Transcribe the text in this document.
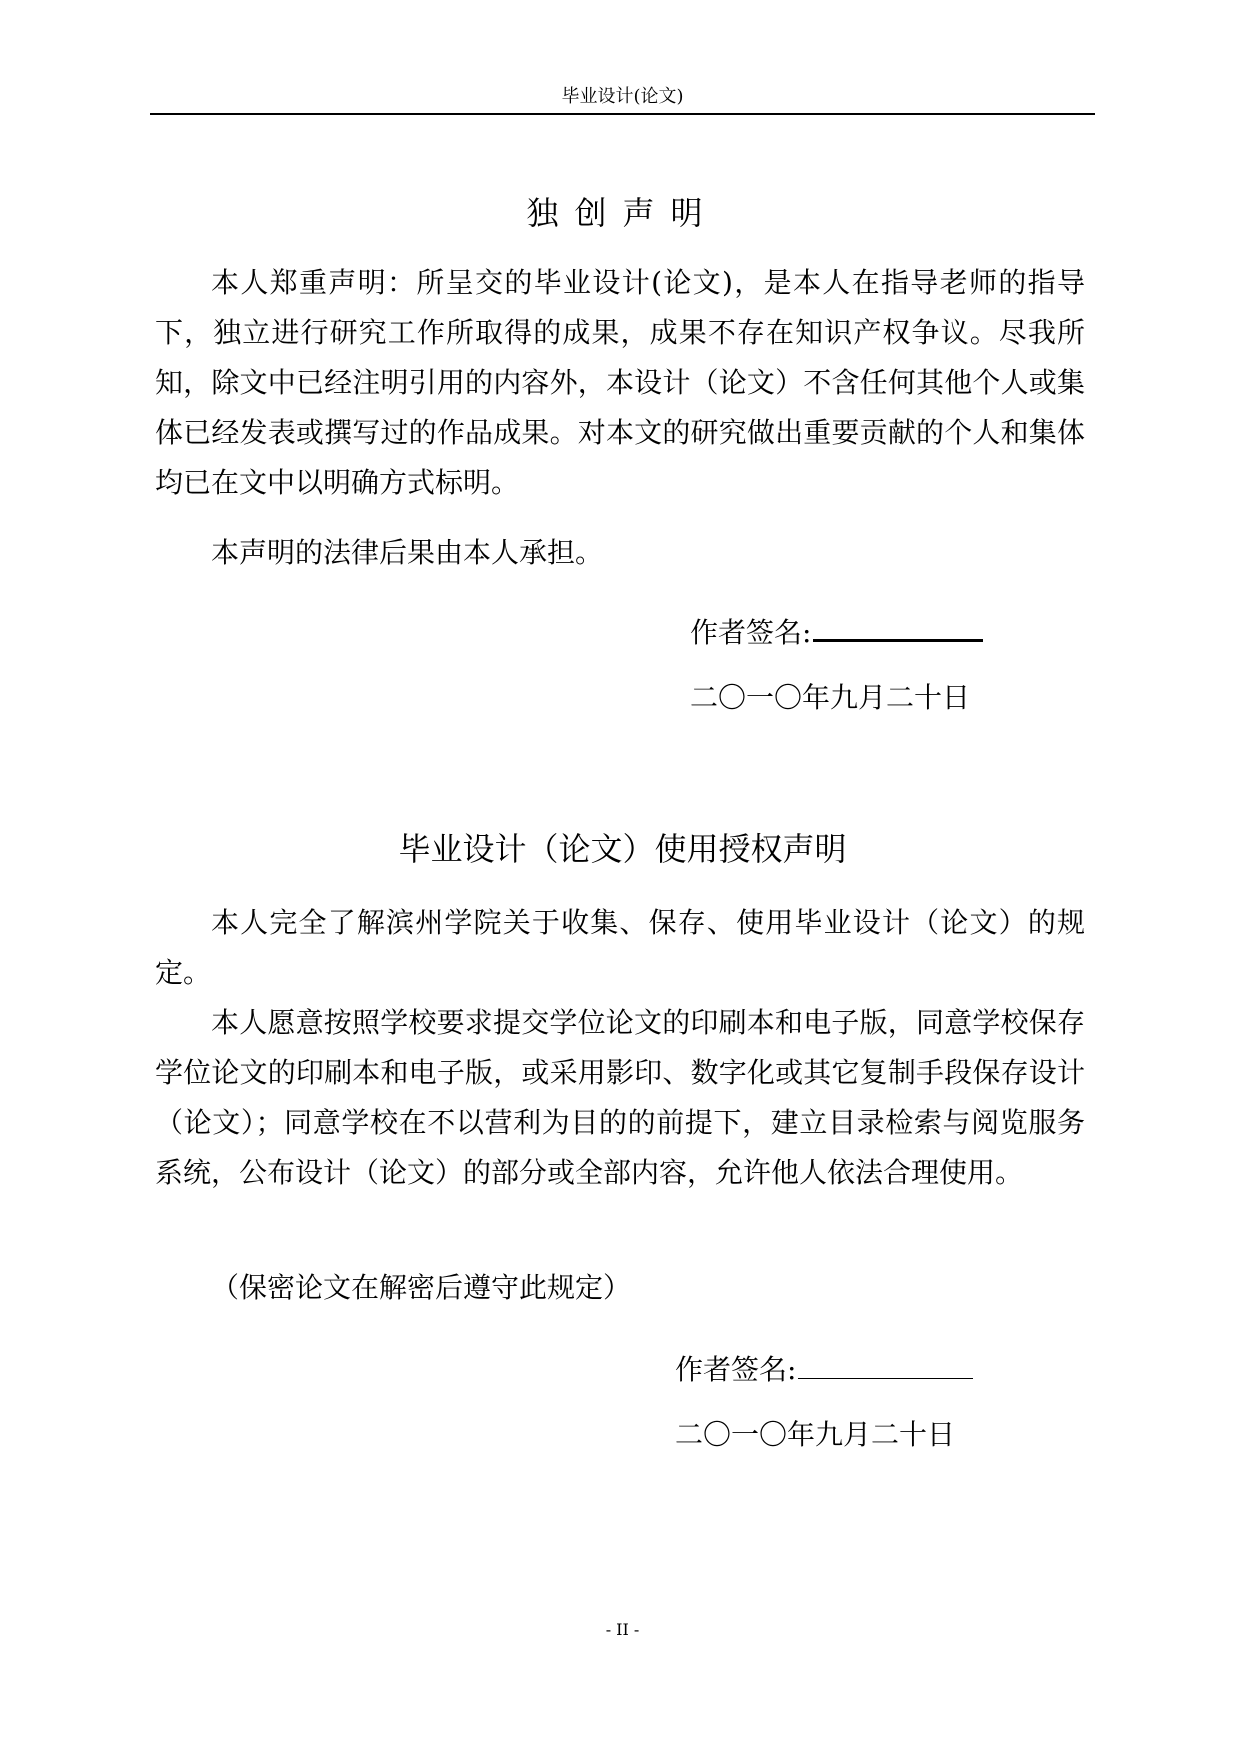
毕业设计(论文)
独创声明

本人郑重声明：所呈交的毕业设计(论文)，是本人在指导老师的指导下，独立进行研究工作所取得的成果，成果不存在知识产权争议。尽我所知，除文中已经注明引用的内容外，本设计（论文）不含任何其他个人或集体已经发表或撰写过的作品成果。对本文的研究做出重要贡献的个人和集体均已在文中以明确方式标明。

本声明的法律后果由本人承担。

作者签名:
二〇一〇年九月二十日
毕业设计（论文）使用授权声明

本人完全了解滨州学院关于收集、保存、使用毕业设计（论文）的规定。

本人愿意按照学校要求提交学位论文的印刷本和电子版，同意学校保存学位论文的印刷本和电子版，或采用影印、数字化或其它复制手段保存设计（论文）；同意学校在不以营利为目的的前提下，建立目录检索与阅览服务系统，公布设计（论文）的部分或全部内容，允许他人依法合理使用。

（保密论文在解密后遵守此规定）

作者签名:
二〇一〇年九月二十日
- II -
